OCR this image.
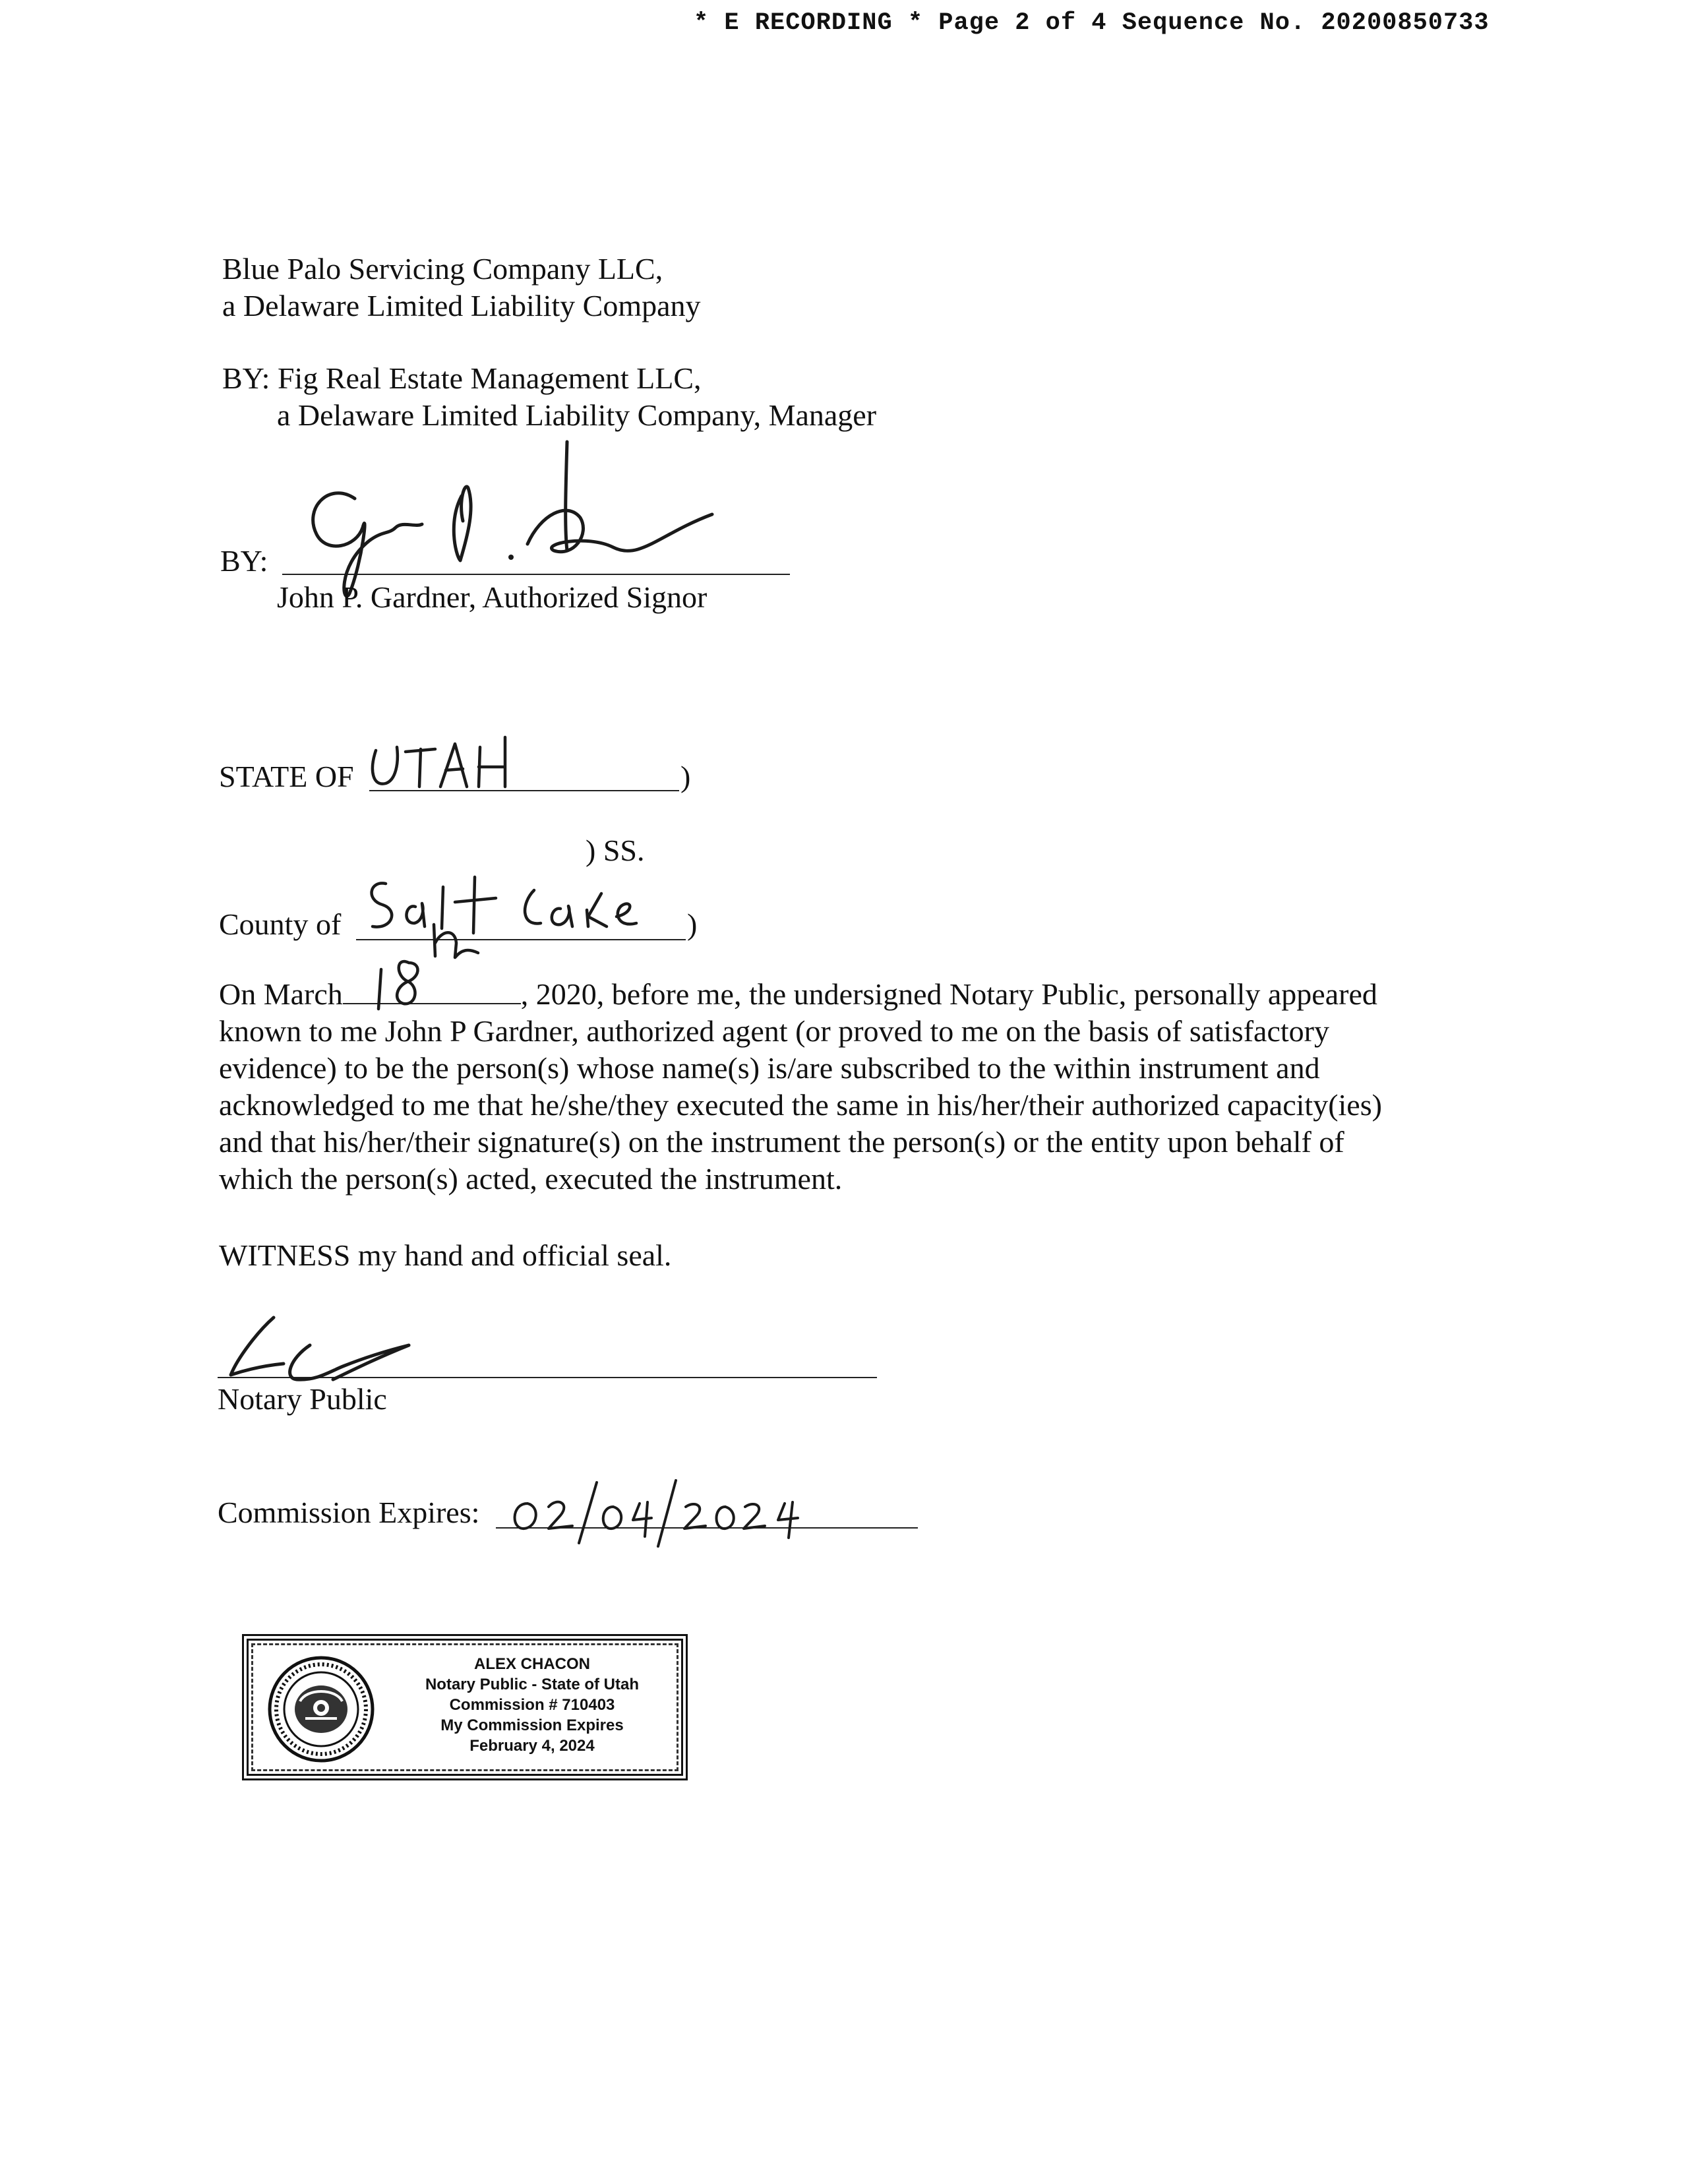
* E RECORDING * Page 2 of 4 Sequence No. 20200850733
Blue Palo Servicing Company LLC,
a Delaware Limited Liability Company
BY: Fig Real Estate Management LLC,
a Delaware Limited Liability Company, Manager
BY:
John P. Gardner, Authorized Signor
STATE OF	)
) SS.
County of	)
On March	, 2020, before me, the undersigned Notary Public, personally appeared
known to me John P Gardner, authorized agent (or proved to me on the basis of satisfactory
evidence) to be the person(s) whose name(s) is/are subscribed to the within instrument and
acknowledged to me that he/she/they executed the same in his/her/their authorized capacity(ies)
and that his/her/their signature(s) on the instrument the person(s) or the entity upon behalf of
which the person(s) acted, executed the instrument.
WITNESS my hand and official seal.
Notary Public
Commission Expires:
ALEX CHACON
Notary Public - State of Utah
Commission # 710403
My Commission Expires
February 4, 2024
